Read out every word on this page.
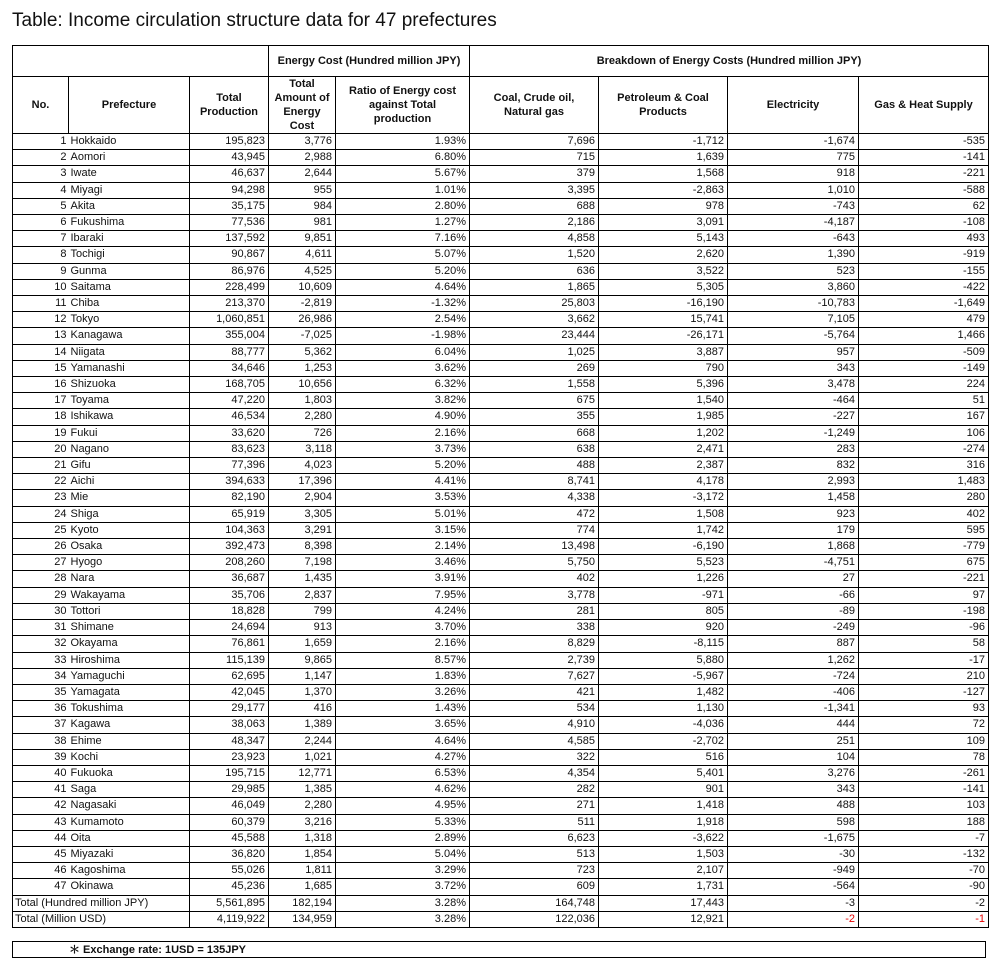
Table: Income circulation structure data for 47 prefectures
			Energy Cost (Hundred million JPY)		Breakdown of Energy Costs (Hundred million JPY)			
No.	Prefecture	Total Production	Total Amount of Energy Cost	Ratio of Energy cost against Total production	Coal, Crude oil, Natural gas	Petroleum & Coal Products	Electricity	Gas & Heat Supply
1	Hokkaido	195,823	3,776	1.93%	7,696	-1,712	-1,674	-535
2	Aomori	43,945	2,988	6.80%	715	1,639	775	-141
3	Iwate	46,637	2,644	5.67%	379	1,568	918	-221
4	Miyagi	94,298	955	1.01%	3,395	-2,863	1,010	-588
5	Akita	35,175	984	2.80%	688	978	-743	62
6	Fukushima	77,536	981	1.27%	2,186	3,091	-4,187	-108
7	Ibaraki	137,592	9,851	7.16%	4,858	5,143	-643	493
8	Tochigi	90,867	4,611	5.07%	1,520	2,620	1,390	-919
9	Gunma	86,976	4,525	5.20%	636	3,522	523	-155
10	Saitama	228,499	10,609	4.64%	1,865	5,305	3,860	-422
11	Chiba	213,370	-2,819	-1.32%	25,803	-16,190	-10,783	-1,649
12	Tokyo	1,060,851	26,986	2.54%	3,662	15,741	7,105	479
13	Kanagawa	355,004	-7,025	-1.98%	23,444	-26,171	-5,764	1,466
14	Niigata	88,777	5,362	6.04%	1,025	3,887	957	-509
15	Yamanashi	34,646	1,253	3.62%	269	790	343	-149
16	Shizuoka	168,705	10,656	6.32%	1,558	5,396	3,478	224
17	Toyama	47,220	1,803	3.82%	675	1,540	-464	51
18	Ishikawa	46,534	2,280	4.90%	355	1,985	-227	167
19	Fukui	33,620	726	2.16%	668	1,202	-1,249	106
20	Nagano	83,623	3,118	3.73%	638	2,471	283	-274
21	Gifu	77,396	4,023	5.20%	488	2,387	832	316
22	Aichi	394,633	17,396	4.41%	8,741	4,178	2,993	1,483
23	Mie	82,190	2,904	3.53%	4,338	-3,172	1,458	280
24	Shiga	65,919	3,305	5.01%	472	1,508	923	402
25	Kyoto	104,363	3,291	3.15%	774	1,742	179	595
26	Osaka	392,473	8,398	2.14%	13,498	-6,190	1,868	-779
27	Hyogo	208,260	7,198	3.46%	5,750	5,523	-4,751	675
28	Nara	36,687	1,435	3.91%	402	1,226	27	-221
29	Wakayama	35,706	2,837	7.95%	3,778	-971	-66	97
30	Tottori	18,828	799	4.24%	281	805	-89	-198
31	Shimane	24,694	913	3.70%	338	920	-249	-96
32	Okayama	76,861	1,659	2.16%	8,829	-8,115	887	58
33	Hiroshima	115,139	9,865	8.57%	2,739	5,880	1,262	-17
34	Yamaguchi	62,695	1,147	1.83%	7,627	-5,967	-724	210
35	Yamagata	42,045	1,370	3.26%	421	1,482	-406	-127
36	Tokushima	29,177	416	1.43%	534	1,130	-1,341	93
37	Kagawa	38,063	1,389	3.65%	4,910	-4,036	444	72
38	Ehime	48,347	2,244	4.64%	4,585	-2,702	251	109
39	Kochi	23,923	1,021	4.27%	322	516	104	78
40	Fukuoka	195,715	12,771	6.53%	4,354	5,401	3,276	-261
41	Saga	29,985	1,385	4.62%	282	901	343	-141
42	Nagasaki	46,049	2,280	4.95%	271	1,418	488	103
43	Kumamoto	60,379	3,216	5.33%	511	1,918	598	188
44	Oita	45,588	1,318	2.89%	6,623	-3,622	-1,675	-7
45	Miyazaki	36,820	1,854	5.04%	513	1,503	-30	-132
46	Kagoshima	55,026	1,811	3.29%	723	2,107	-949	-70
47	Okinawa	45,236	1,685	3.72%	609	1,731	-564	-90
Total (Hundred million JPY)		5,561,895	182,194	3.28%	164,748	17,443	-3	-2
Total (Million USD)		4,119,922	134,959	3.28%	122,036	12,921	-2	-1
＊ Exchange rate: 1USD = 135JPY
